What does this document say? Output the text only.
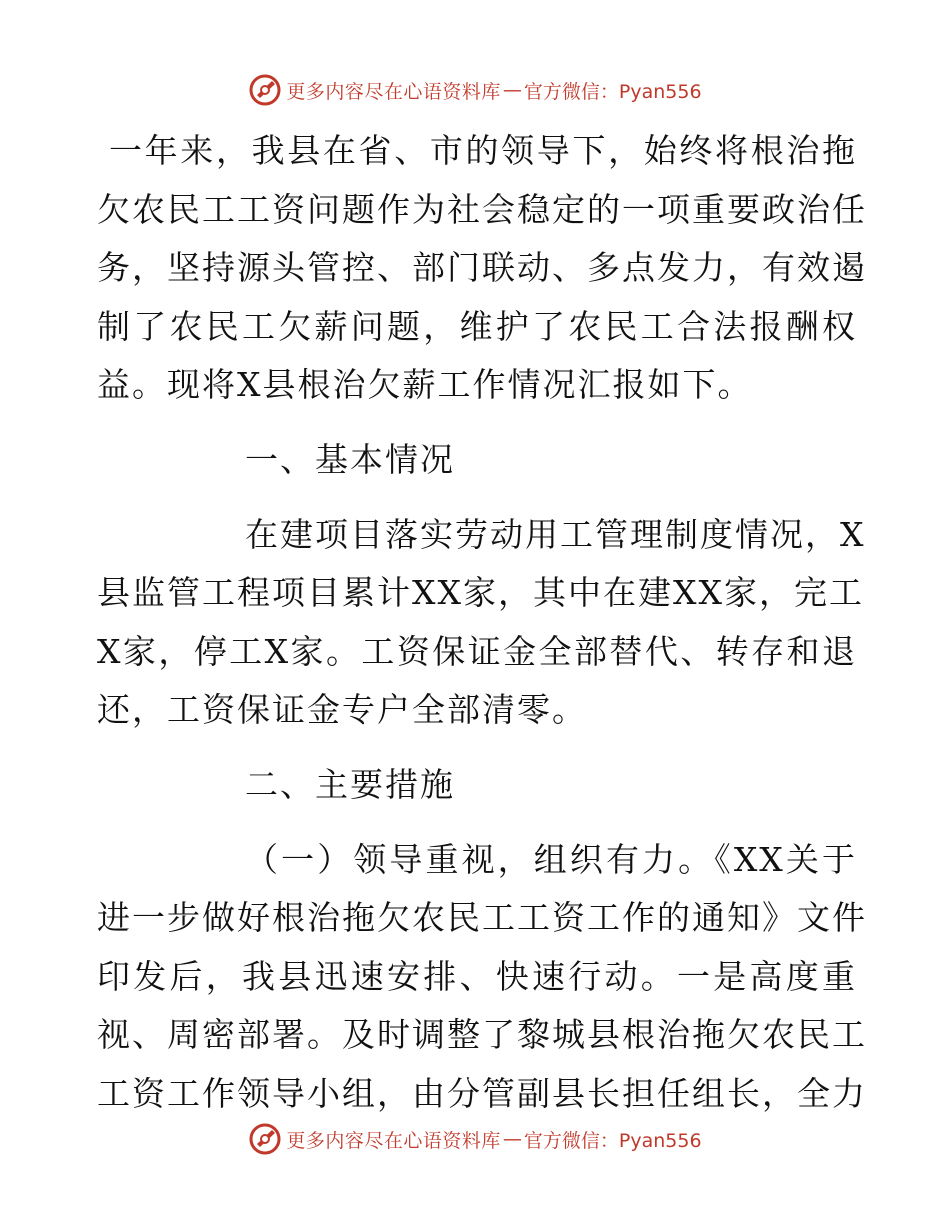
更多内容尽在心语资料库 — 官方微信：Pyan556
一年来，我县在省、市的领导下，始终将根治拖
欠农民工工资问题作为社会稳定的一项重要政治任
务，坚持源头管控、部门联动、多点发力，有效遏
制了农民工欠薪问题，维护了农民工合法报酬权
益。现将X县根治欠薪工作情况汇报如下。
一、基本情况
在建项目落实劳动用工管理制度情况，X
县监管工程项目累计XX家，其中在建XX家，完工
X家，停工X家。工资保证金全部替代、转存和退
还，工资保证金专户全部清零。
二、主要措施
（一）领导重视，组织有力。《XX关于
进一步做好根治拖欠农民工工资工作的通知》文件
印发后，我县迅速安排、快速行动。一是高度重
视、周密部署。及时调整了黎城县根治拖欠农民工
工资工作领导小组，由分管副县长担任组长，全力
更多内容尽在心语资料库 — 官方微信：Pyan556
